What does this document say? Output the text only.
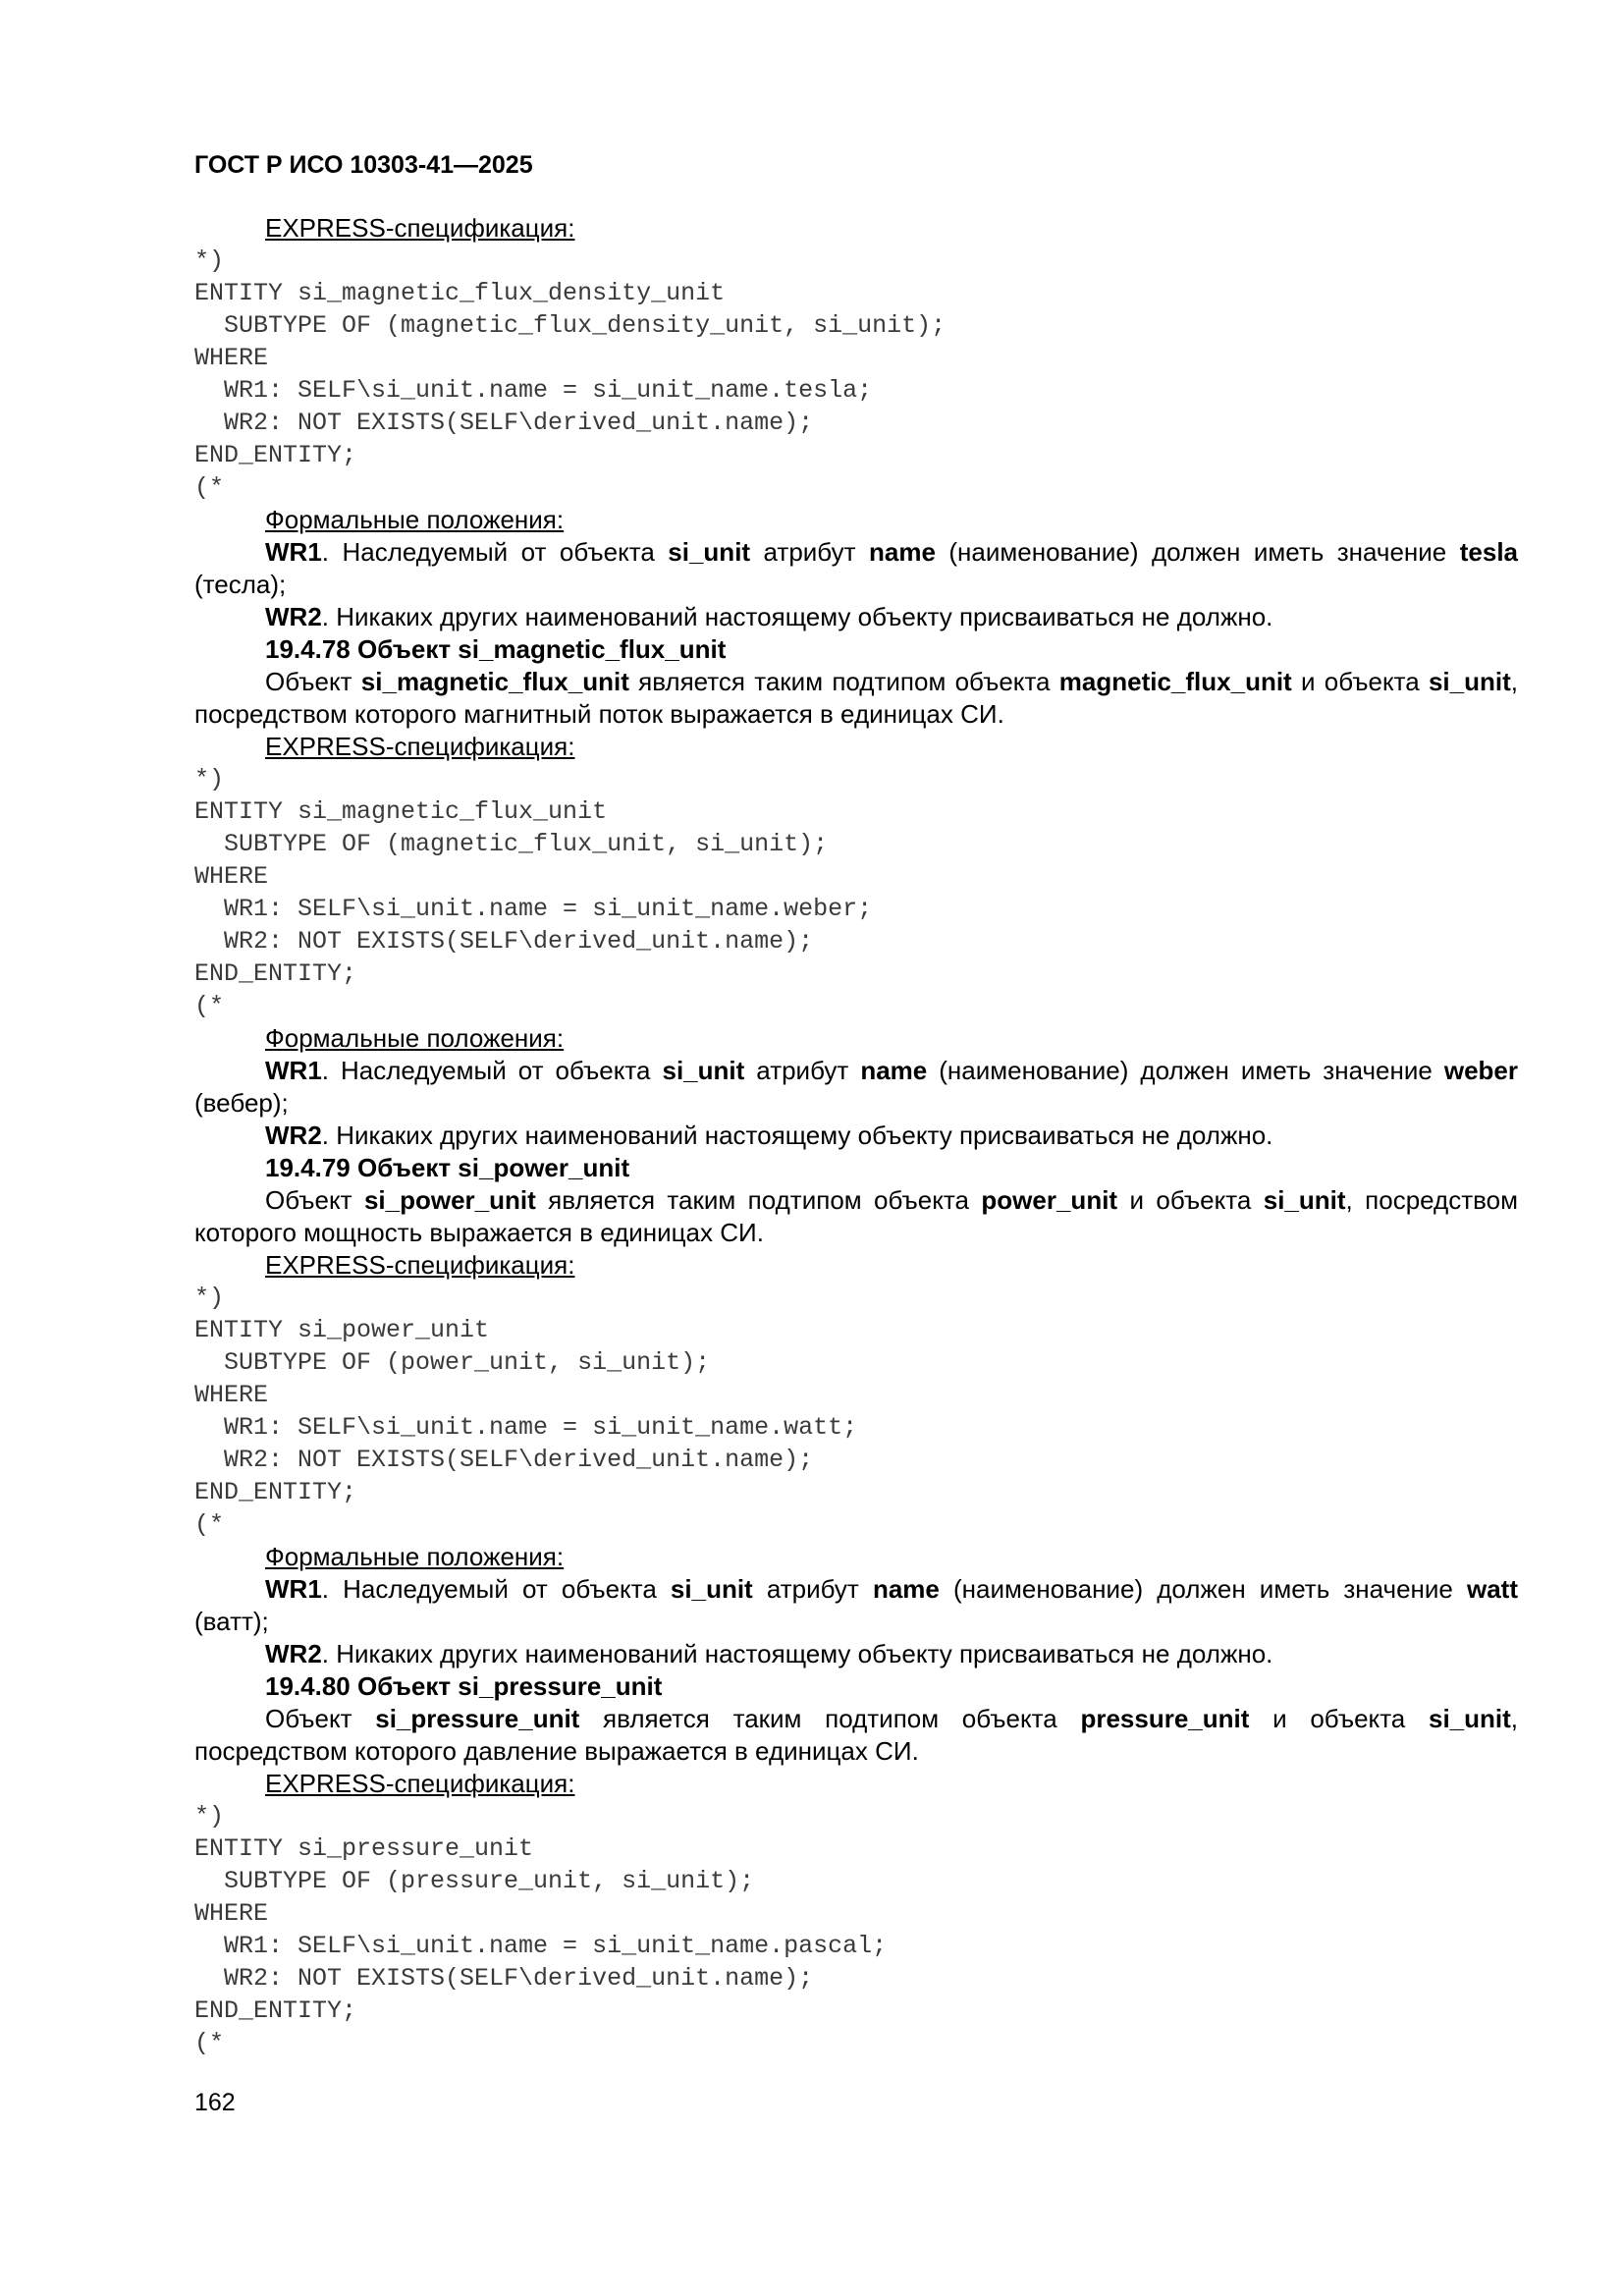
ГОСТ Р ИСО 10303-41—2025

EXPRESS-спецификация:

*)
ENTITY si_magnetic_flux_density_unit
SUBTYPE OF (magnetic_flux_density_unit, si_unit);
WHERE
WR1: SELF\si_unit.name = si_unit_name.tesla;
WR2: NOT EXISTS(SELF\derived_unit.name);
END_ENTITY;
(*

Формальные положения:

WR1. Наследуемый от объекта si_unit атрибут name (наименование) должен иметь значение tesla (тесла);

WR2. Никаких других наименований настоящему объекту присваиваться не должно.

19.4.78 Объект si_magnetic_flux_unit

Объект si_magnetic_flux_unit является таким подтипом объекта magnetic_flux_unit и объекта si_unit, посредством которого магнитный поток выражается в единицах СИ.

EXPRESS-спецификация:

*)
ENTITY si_magnetic_flux_unit
SUBTYPE OF (magnetic_flux_unit, si_unit);
WHERE
WR1: SELF\si_unit.name = si_unit_name.weber;
WR2: NOT EXISTS(SELF\derived_unit.name);
END_ENTITY;
(*

Формальные положения:

WR1. Наследуемый от объекта si_unit атрибут name (наименование) должен иметь значение weber (вебер);

WR2. Никаких других наименований настоящему объекту присваиваться не должно.

19.4.79 Объект si_power_unit

Объект si_power_unit является таким подтипом объекта power_unit и объекта si_unit, посредством которого мощность выражается в единицах СИ.

EXPRESS-спецификация:

*)
ENTITY si_power_unit
SUBTYPE OF (power_unit, si_unit);
WHERE
WR1: SELF\si_unit.name = si_unit_name.watt;
WR2: NOT EXISTS(SELF\derived_unit.name);
END_ENTITY;
(*

Формальные положения:

WR1. Наследуемый от объекта si_unit атрибут name (наименование) должен иметь значение watt (ватт);

WR2. Никаких других наименований настоящему объекту присваиваться не должно.

19.4.80 Объект si_pressure_unit

Объект si_pressure_unit является таким подтипом объекта pressure_unit и объекта si_unit, посредством которого давление выражается в единицах СИ.

EXPRESS-спецификация:

*)
ENTITY si_pressure_unit
SUBTYPE OF (pressure_unit, si_unit);
WHERE
WR1: SELF\si_unit.name = si_unit_name.pascal;
WR2: NOT EXISTS(SELF\derived_unit.name);
END_ENTITY;
(*
162
